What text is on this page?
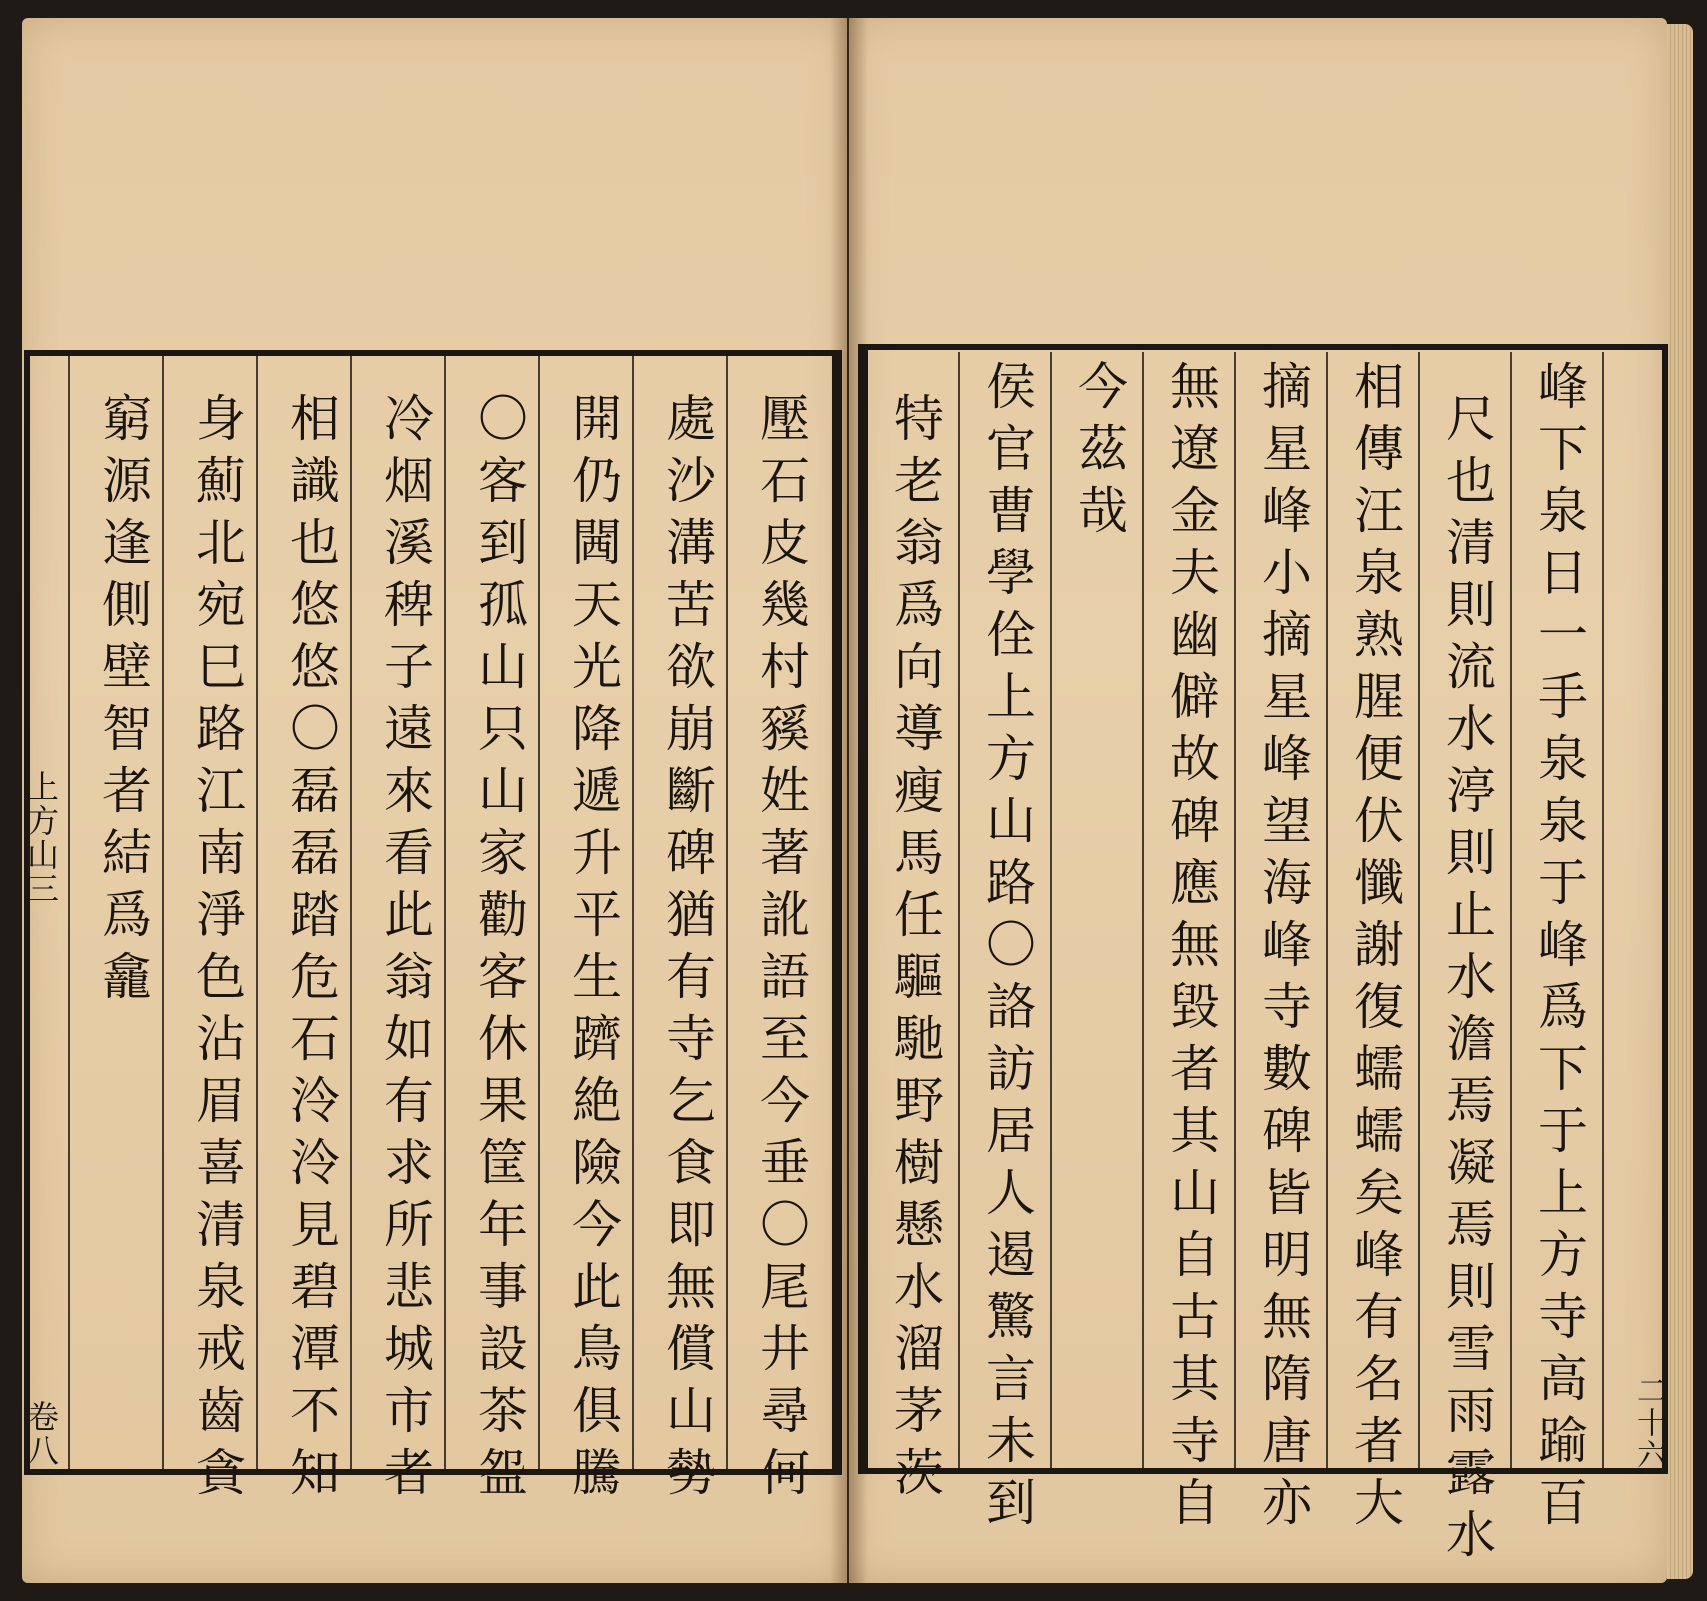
上方山三
卷八	壓石皮幾村豯姓著訛語至今垂〇尾井尋何
處沙溝苦欲崩斷碑猶有寺乞食即無償山勢
開仍閪天光降遞升平生躋絶險今此鳥俱騰
〇客到孤山只山家勸客休果筐年事設茶盌
冷烟溪稗子遠來看此翁如有求所悲城市者
相識也悠悠〇磊磊踏危石泠泠見碧潭不知
身薊北宛巳路江南淨色沾眉喜清泉戒齒貪
窮源逢側壁智者結爲龕	峰下泉日一手泉泉于峰爲下于上方寺高踰百
尺也清則流水渟則止水澹焉凝焉則雪雨露水
相傳汪泉熟腥便伏懺謝復蠕蠕矣峰有名者大
摘星峰小摘星峰望海峰寺數碑皆明無隋唐亦
無遼金夫幽僻故碑應無毀者其山自古其寺自
今茲哉
侯官曹學佺上方山路〇詻訪居人遏驚言未到
特老翁爲向導瘦馬任驅馳野樹懸水溜茅茨	二十六
